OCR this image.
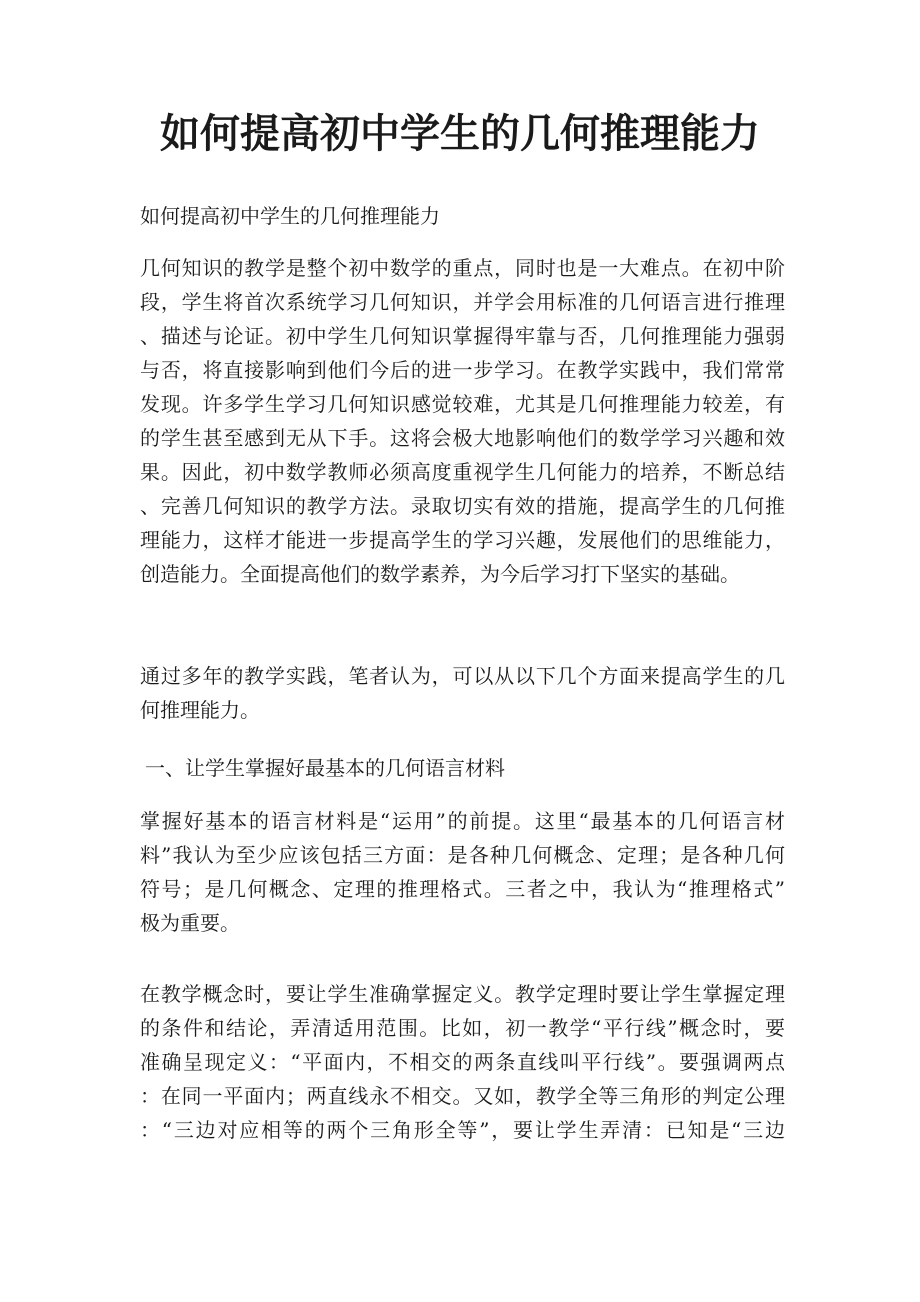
如何提高初中学生的几何推理能力

如何提高初中学生的几何推理能力

几何知识的教学是整个初中数学的重点，同时也是一大难点。在初中阶
段，学生将首次系统学习几何知识，并学会用标准的几何语言进行推理
、描述与论证。初中学生几何知识掌握得牢靠与否，几何推理能力强弱
与否，将直接影响到他们今后的进一步学习。在教学实践中，我们常常
发现。许多学生学习几何知识感觉较难，尤其是几何推理能力较差，有
的学生甚至感到无从下手。这将会极大地影响他们的数学学习兴趣和效
果。因此，初中数学教师必须高度重视学生几何能力的培养，不断总结
、完善几何知识的教学方法。录取切实有效的措施，提高学生的几何推
理能力，这样才能进一步提高学生的学习兴趣，发展他们的思维能力，
创造能力。全面提高他们的数学素养，为今后学习打下坚实的基础。
通过多年的教学实践，笔者认为，可以从以下几个方面来提高学生的几
何推理能力。

一、让学生掌握好最基本的几何语言材料

掌握好基本的语言材料是“运用”的前提。这里“最基本的几何语言材
料”我认为至少应该包括三方面：是各种几何概念、定理；是各种几何
符号；是几何概念、定理的推理格式。三者之中，我认为“推理格式”
极为重要。
在教学概念时，要让学生准确掌握定义。教学定理时要让学生掌握定理
的条件和结论，弄清适用范围。比如，初一教学“平行线”概念时，要
准确呈现定义：“平面内，不相交的两条直线叫平行线”。要强调两点
：在同一平面内；两直线永不相交。又如，教学全等三角形的判定公理
：“三边对应相等的两个三角形全等”，要让学生弄清：已知是“三边
